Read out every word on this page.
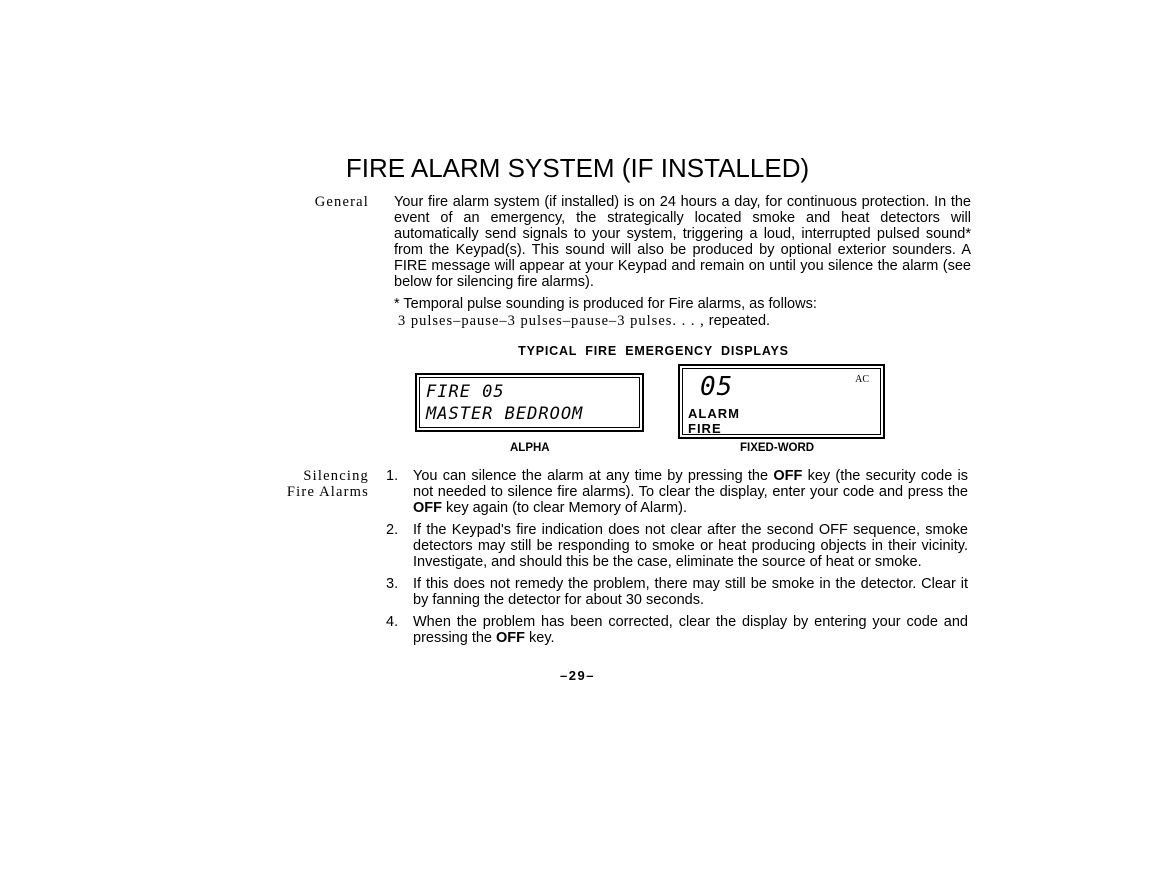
FIRE ALARM SYSTEM (IF INSTALLED)
General Your fire alarm system (if installed) is on 24 hours a day, for continuous protection. In the event of an emergency, the strategically located smoke and heat detectors will automatically send signals to your system, triggering a loud, interrupted pulsed sound* from the Keypad(s). This sound will also be produced by optional exterior sounders. A FIRE message will appear at your Keypad and remain on until you silence the alarm (see below for silencing fire alarms).

* Temporal pulse sounding is produced for Fire alarms, as follows:

3 pulses–pause–3 pulses–pause–3 pulses. . . , repeated.
TYPICAL FIRE EMERGENCY DISPLAYS
FIRE 05
MASTER BEDROOM
ALPHA
05	AC
ALARM
FIRE
FIXED-WORD
Silencing
Fire Alarms
1. You can silence the alarm at any time by pressing the OFF key (the security code is not needed to silence fire alarms). To clear the display, enter your code and press the OFF key again (to clear Memory of Alarm).
2. If the Keypad's fire indication does not clear after the second OFF sequence, smoke detectors may still be responding to smoke or heat producing objects in their vicinity. Investigate, and should this be the case, eliminate the source of heat or smoke.
3. If this does not remedy the problem, there may still be smoke in the detector. Clear it by fanning the detector for about 30 seconds.
4. When the problem has been corrected, clear the display by entering your code and pressing the OFF key.
–29–
